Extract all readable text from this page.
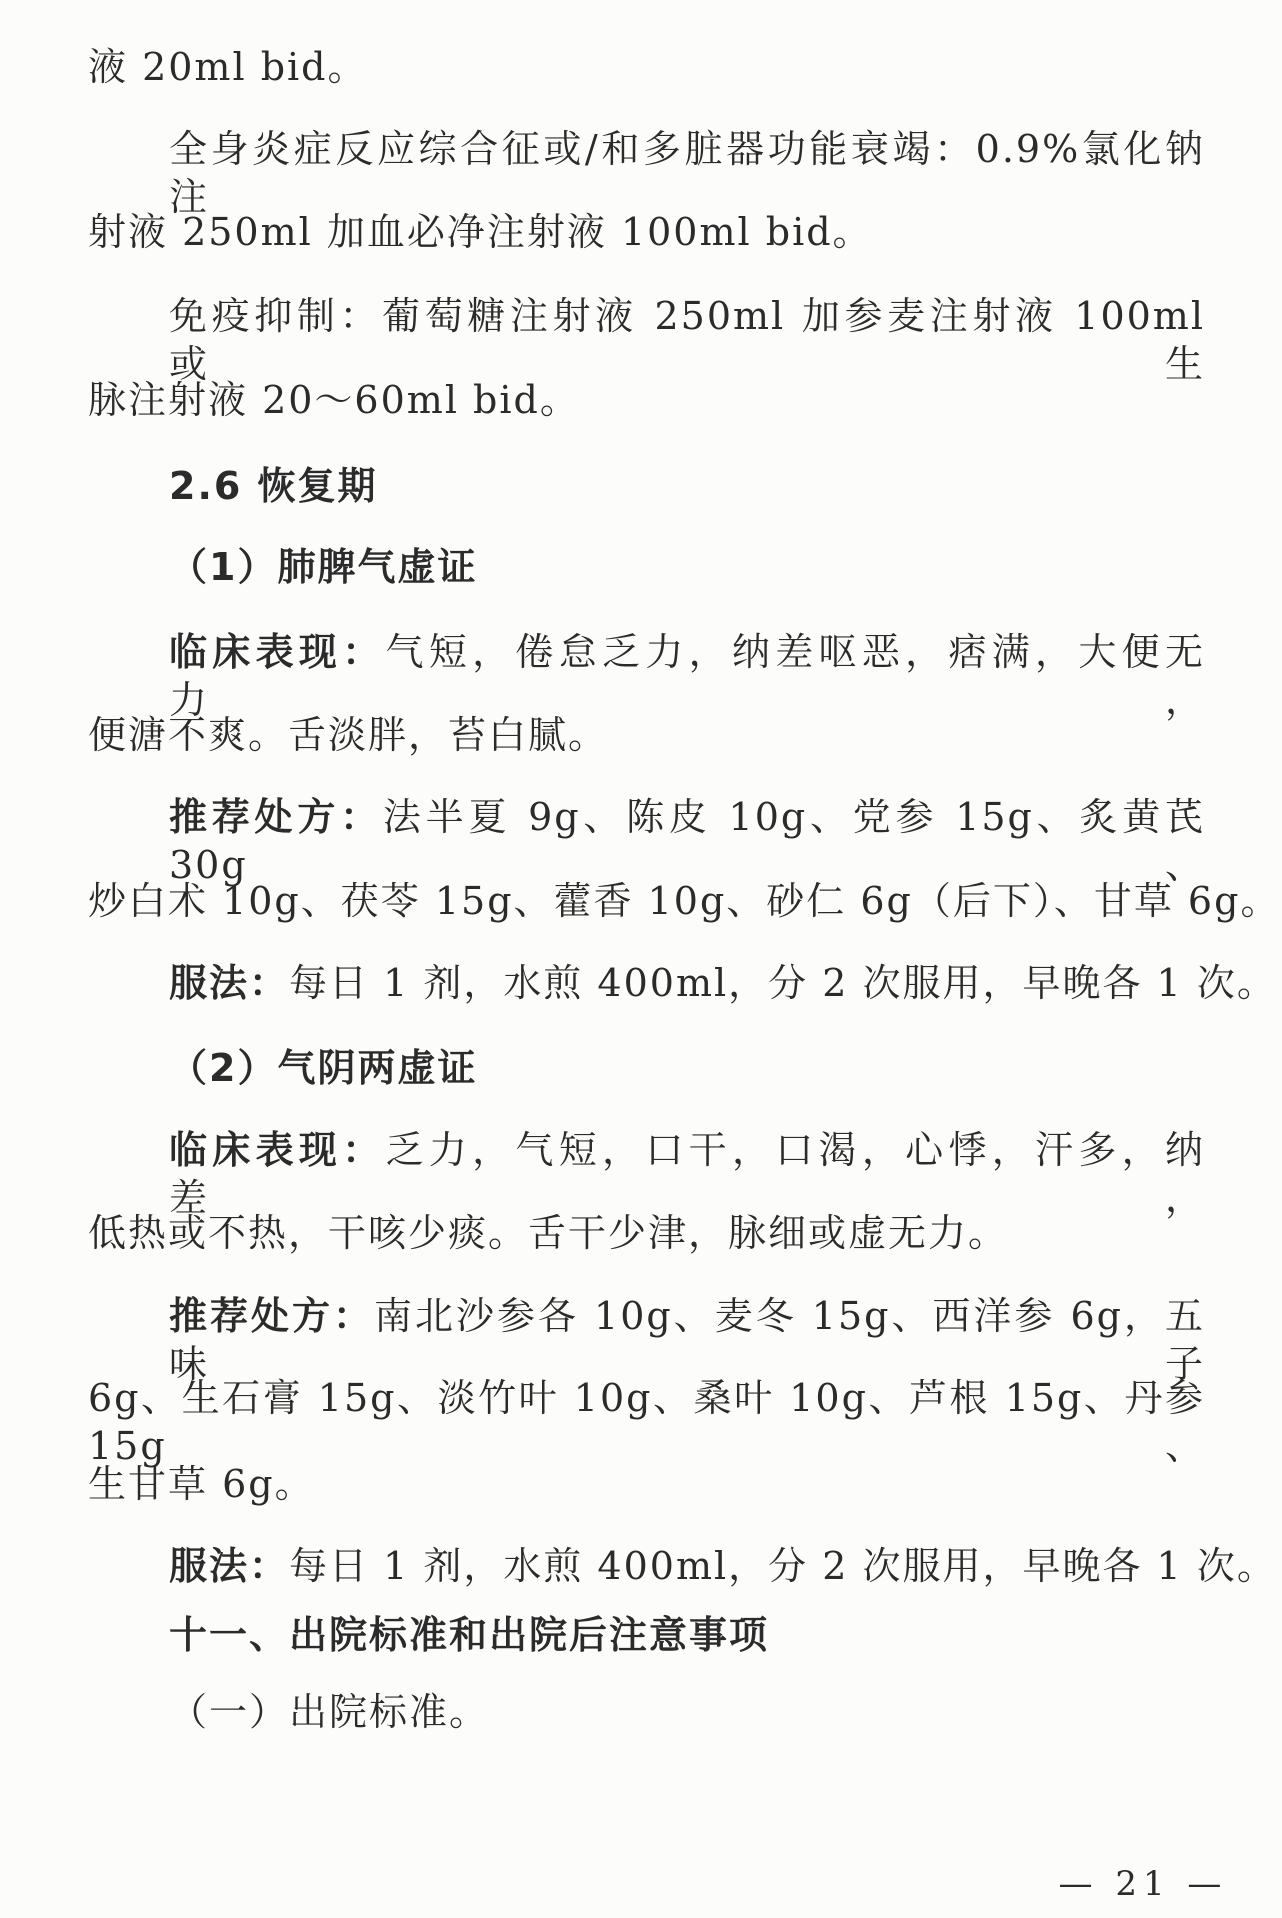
液 20ml bid。
全身炎症反应综合征或/和多脏器功能衰竭：0.9%氯化钠注
射液 250ml 加血必净注射液 100ml bid。
免疫抑制：葡萄糖注射液 250ml 加参麦注射液 100ml 或生
脉注射液 20～60ml bid。
2.6 恢复期
（1）肺脾气虚证
临床表现：气短，倦怠乏力，纳差呕恶，痞满，大便无力，
便溏不爽。舌淡胖，苔白腻。
推荐处方：法半夏 9g、陈皮 10g、党参 15g、炙黄芪 30g、
炒白术 10g、茯苓 15g、藿香 10g、砂仁 6g（后下）、甘草 6g。
服法：每日 1 剂，水煎 400ml，分 2 次服用，早晚各 1 次。
（2）气阴两虚证
临床表现：乏力，气短，口干，口渴，心悸，汗多，纳差，
低热或不热，干咳少痰。舌干少津，脉细或虚无力。
推荐处方：南北沙参各 10g、麦冬 15g、西洋参 6g，五味子
6g、生石膏 15g、淡竹叶 10g、桑叶 10g、芦根 15g、丹参 15g、
生甘草 6g。
服法：每日 1 剂，水煎 400ml，分 2 次服用，早晚各 1 次。
十一、出院标准和出院后注意事项
（一）出院标准。
— 21 —
